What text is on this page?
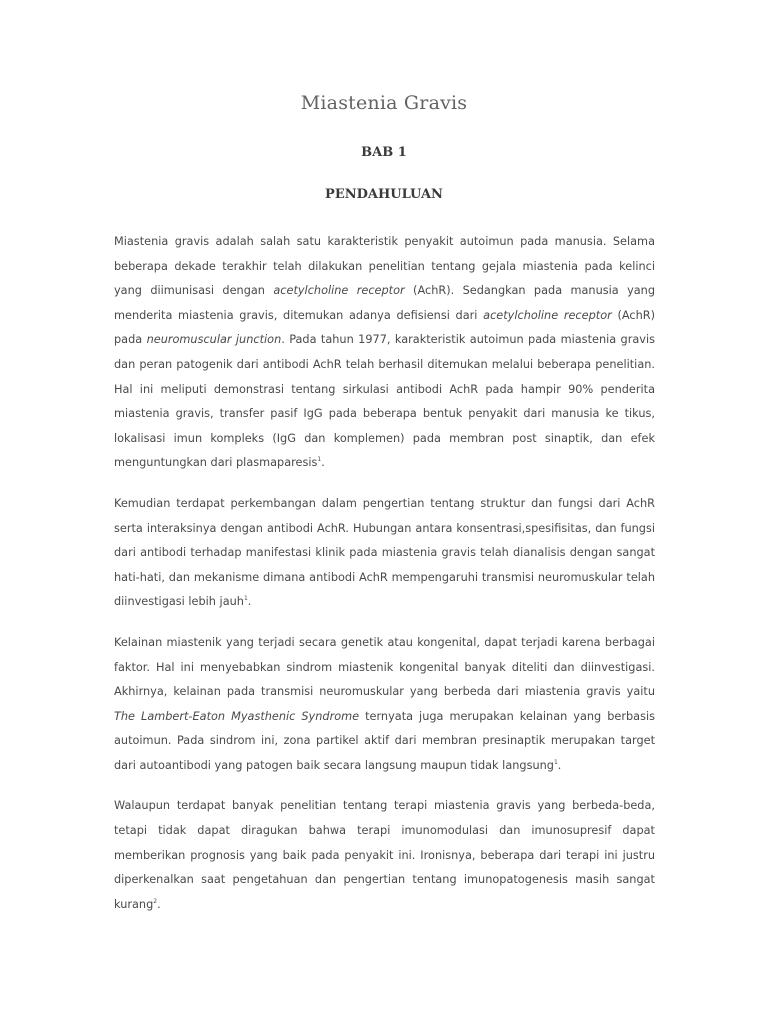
Miastenia Gravis
BAB 1
PENDAHULUAN

Miastenia gravis adalah salah satu karakteristik penyakit autoimun pada manusia. Selama beberapa dekade terakhir telah dilakukan penelitian tentang gejala miastenia pada kelinci yang diimunisasi dengan acetylcholine receptor (AchR). Sedangkan pada manusia yang menderita miastenia gravis, ditemukan adanya defisiensi dari acetylcholine receptor (AchR) pada neuromuscular junction. Pada tahun 1977, karakteristik autoimun pada miastenia gravis dan peran patogenik dari antibodi AchR telah berhasil ditemukan melalui beberapa penelitian. Hal ini meliputi demonstrasi tentang sirkulasi antibodi AchR pada hampir 90% penderita miastenia gravis, transfer pasif IgG pada beberapa bentuk penyakit dari manusia ke tikus, lokalisasi imun kompleks (IgG dan komplemen) pada membran post sinaptik, dan efek menguntungkan dari plasmaparesis$^1$.

Kemudian terdapat perkembangan dalam pengertian tentang struktur dan fungsi dari AchR serta interaksinya dengan antibodi AchR. Hubungan antara konsentrasi,spesifisitas, dan fungsi dari antibodi terhadap manifestasi klinik pada miastenia gravis telah dianalisis dengan sangat hati-hati, dan mekanisme dimana antibodi AchR mempengaruhi transmisi neuromuskular telah diinvestigasi lebih jauh$^1$.

Kelainan miastenik yang terjadi secara genetik atau kongenital, dapat terjadi karena berbagai faktor. Hal ini menyebabkan sindrom miastenik kongenital banyak diteliti dan diinvestigasi. Akhirnya, kelainan pada transmisi neuromuskular yang berbeda dari miastenia gravis yaitu The Lambert-Eaton Myasthenic Syndrome ternyata juga merupakan kelainan yang berbasis autoimun. Pada sindrom ini, zona partikel aktif dari membran presinaptik merupakan target dari autoantibodi yang patogen baik secara langsung maupun tidak langsung$^1$.

Walaupun terdapat banyak penelitian tentang terapi miastenia gravis yang berbeda-beda, tetapi tidak dapat diragukan bahwa terapi imunomodulasi dan imunosupresif dapat memberikan prognosis yang baik pada penyakit ini. Ironisnya, beberapa dari terapi ini justru diperkenalkan saat pengetahuan dan pengertian tentang imunopatogenesis masih sangat kurang$^2$.
